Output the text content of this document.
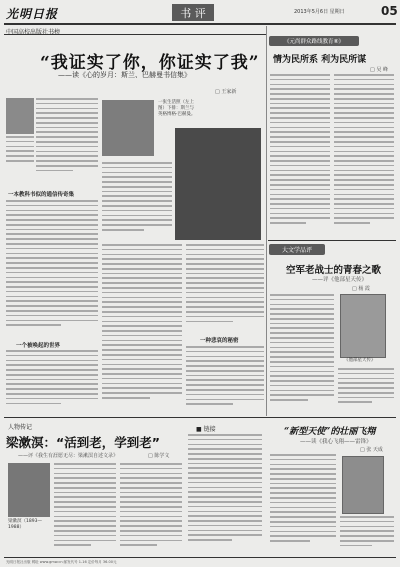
光明日报	书 评	2013年5月6日 星期日	05
中国高校出版社书榜
“我证实了你，你证实了我”
——读《心的岁月：斯兰、巴赫曼书信集》
□ 王家新
一本教科书似的通信传奇集
一个被唤起的世界
一张生活照（左上图）下排：斯兰与英格博格·巴赫曼。
一种悲哀的秘密
《元尚群众路线教育⑧》
情为民所系 利为民所谋
□ 吴 峰
大文学品评
空军老战士的青春之歌
——评《他部星天传》
□ 杨 霞
《他部星天传》
人物传记
梁漱溟：“活到老，学到老”
——评《我生有涯愿无尽：梁漱溟自述文录》	□ 陈学文
梁漱溟（1893—1988）
■ 链接	“新型天使”的壮丽飞翔
——读《我心飞翔——雷锋》
□ 张 天成
光明日报社出版 网址 www.gmw.cn 邮发代号 1-16 定价每月 36.00元
